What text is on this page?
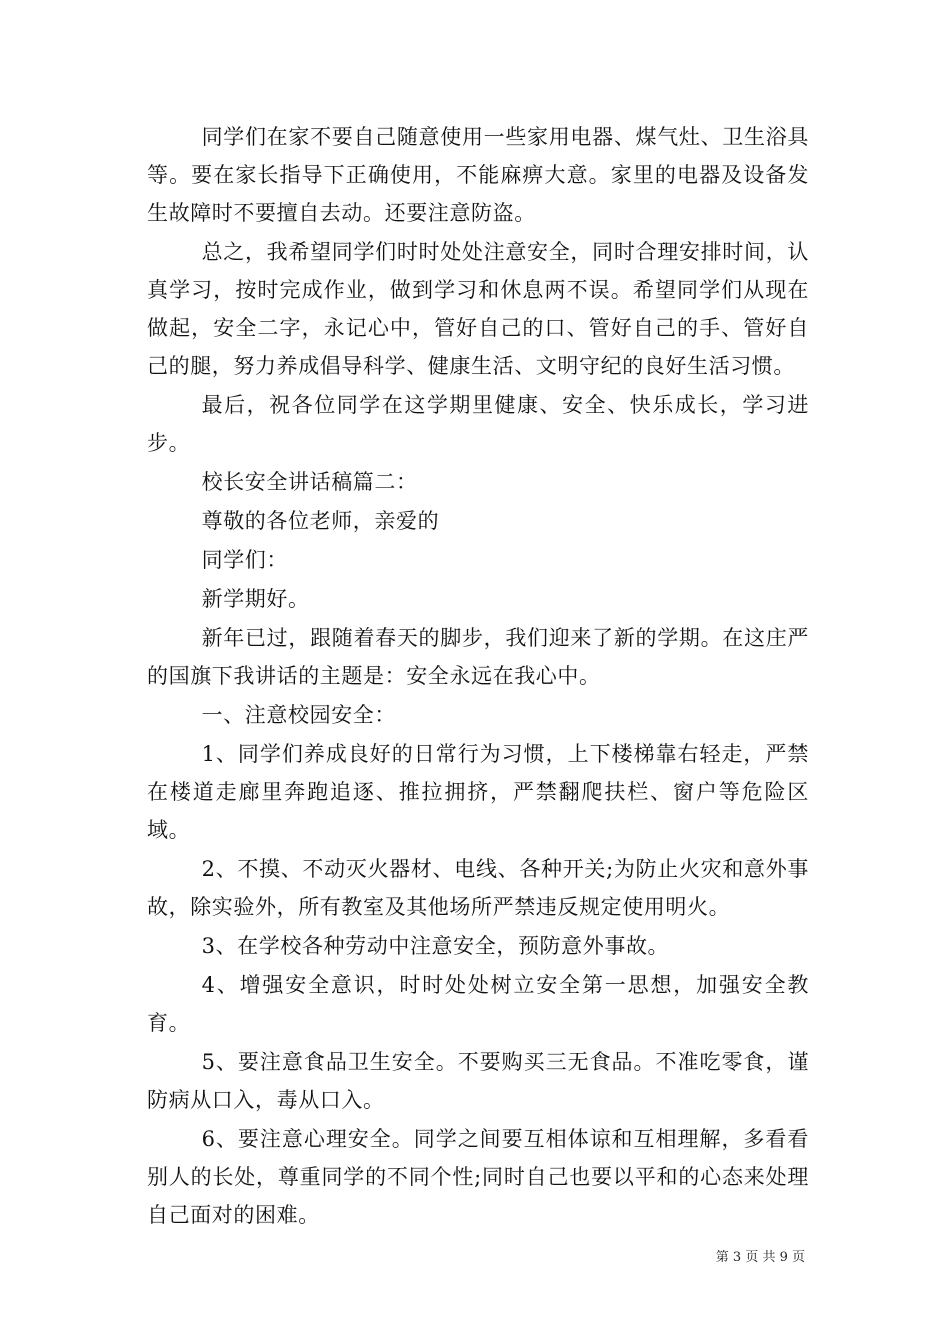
同学们在家不要自己随意使用一些家用电器、煤气灶、卫生浴具等。要在家长指导下正确使用，不能麻痹大意。家里的电器及设备发生故障时不要擅自去动。还要注意防盗。

总之，我希望同学们时时处处注意安全，同时合理安排时间，认真学习，按时完成作业，做到学习和休息两不误。希望同学们从现在做起，安全二字，永记心中，管好自己的口、管好自己的手、管好自己的腿，努力养成倡导科学、健康生活、文明守纪的良好生活习惯。

最后，祝各位同学在这学期里健康、安全、快乐成长，学习进步。

校长安全讲话稿篇二：

尊敬的各位老师，亲爱的

同学们：

新学期好。

新年已过，跟随着春天的脚步，我们迎来了新的学期。在这庄严的国旗下我讲话的主题是：安全永远在我心中。

一、注意校园安全：

1、同学们养成良好的日常行为习惯，上下楼梯靠右轻走，严禁在楼道走廊里奔跑追逐、推拉拥挤，严禁翻爬扶栏、窗户等危险区域。

2、不摸、不动灭火器材、电线、各种开关;为防止火灾和意外事故，除实验外，所有教室及其他场所严禁违反规定使用明火。

3、在学校各种劳动中注意安全，预防意外事故。

4、增强安全意识，时时处处树立安全第一思想，加强安全教育。

5、要注意食品卫生安全。不要购买三无食品。不准吃零食，谨防病从口入，毒从口入。

6、要注意心理安全。同学之间要互相体谅和互相理解，多看看别人的长处，尊重同学的不同个性;同时自己也要以平和的心态来处理自己面对的困难。

第 3 页 共 9 页
